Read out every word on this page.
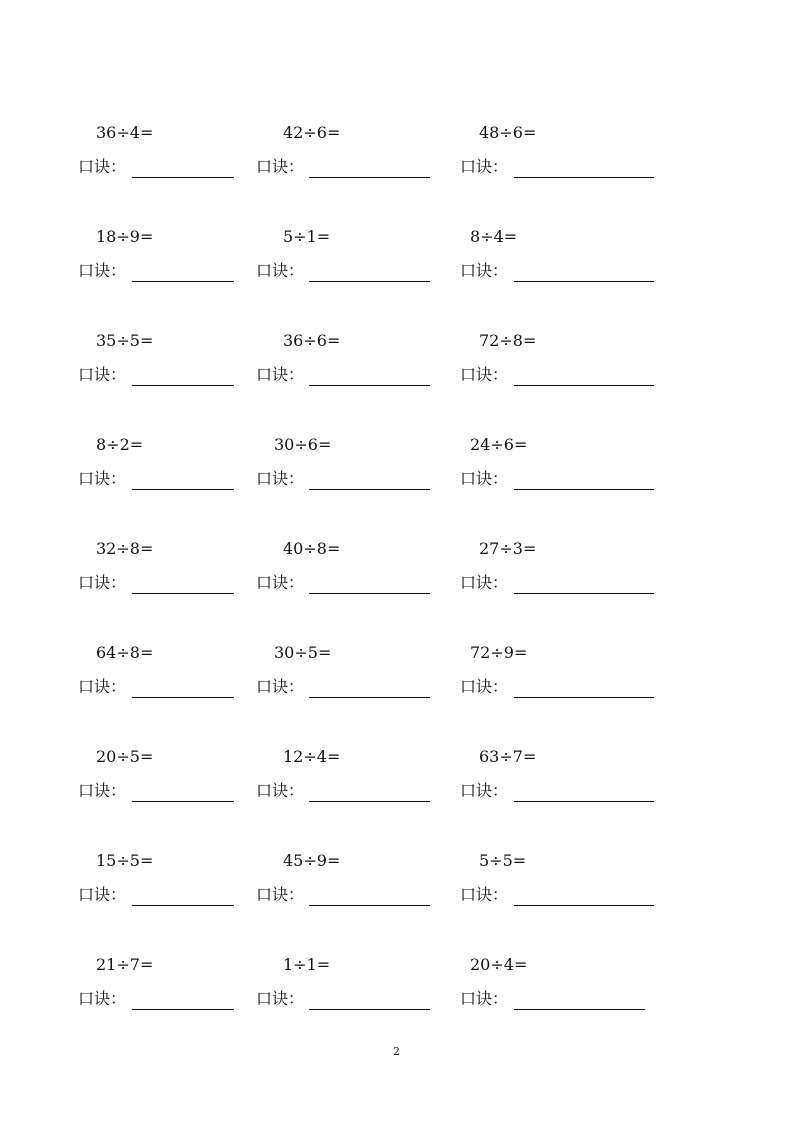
36÷4=	42÷6=	48÷6=
口诀：	口诀：	口诀：
18÷9=	5÷1=	8÷4=
口诀：	口诀：	口诀：
35÷5=	36÷6=	72÷8=
口诀：	口诀：	口诀：
8÷2=	30÷6=	24÷6=
口诀：	口诀：	口诀：
32÷8=	40÷8=	27÷3=
口诀：	口诀：	口诀：
64÷8=	30÷5=	72÷9=
口诀：	口诀：	口诀：
20÷5=	12÷4=	63÷7=
口诀：	口诀：	口诀：
15÷5=	45÷9=	5÷5=
口诀：	口诀：	口诀：
21÷7=	1÷1=	20÷4=
口诀：	口诀：	口诀：
2
